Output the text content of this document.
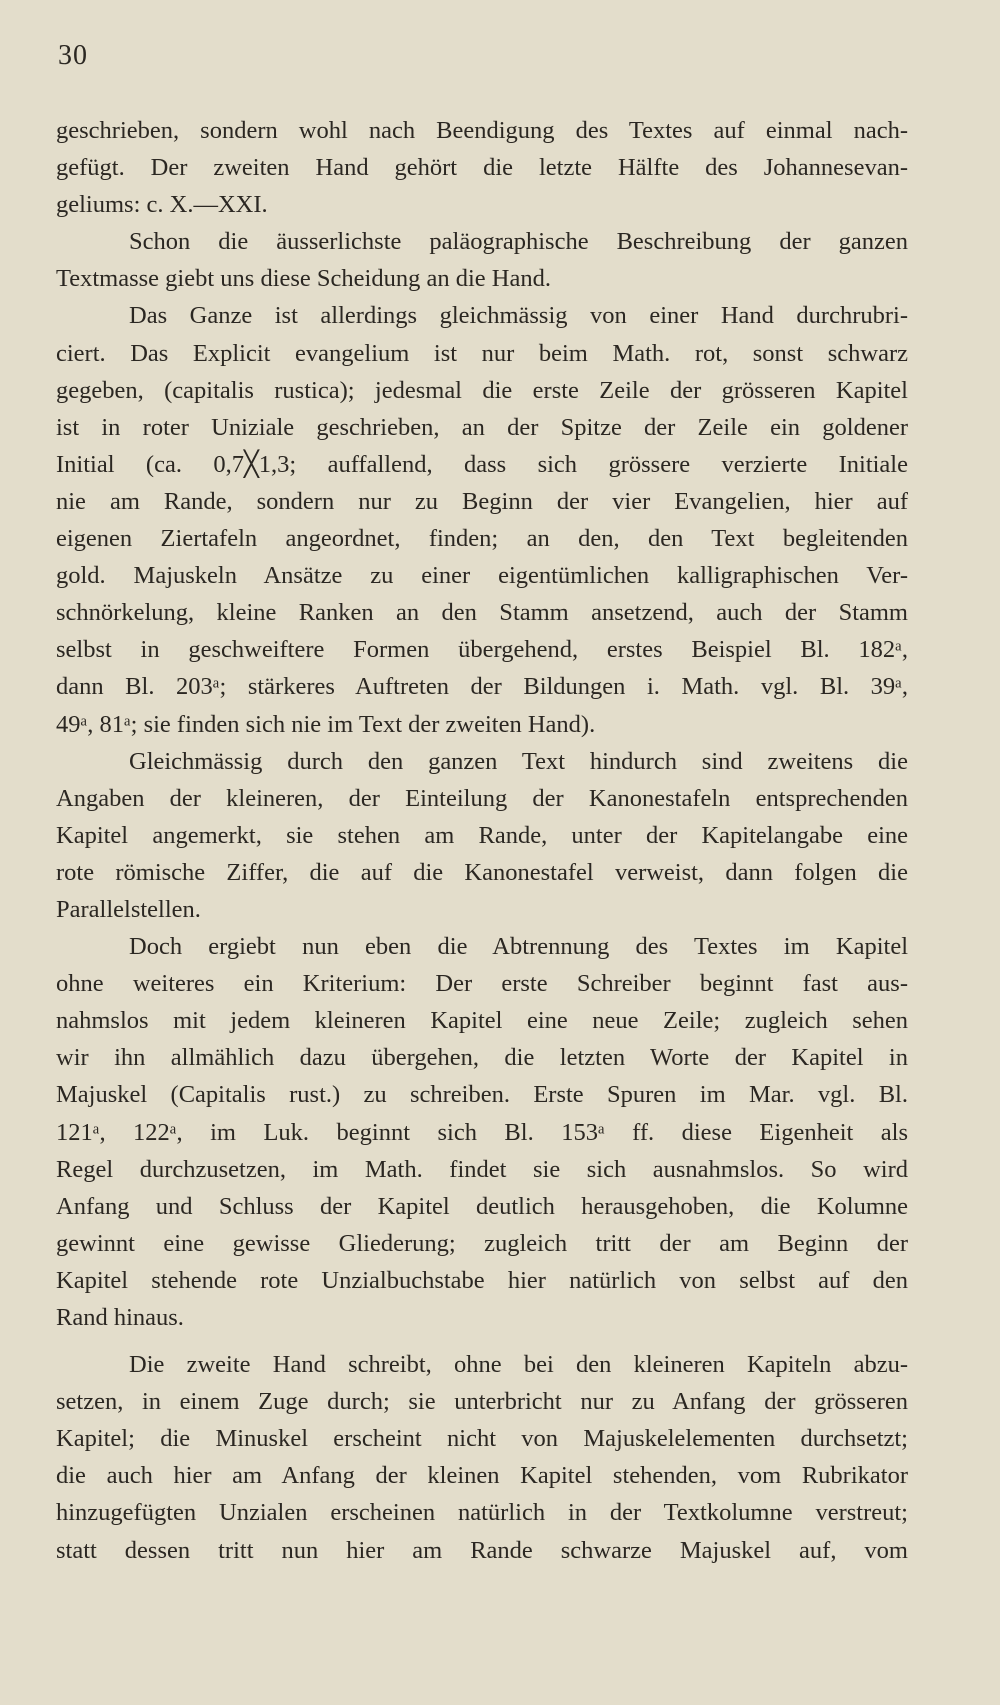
30
geschrieben, sondern wohl nach Beendigung des Textes auf einmal nach-
gefügt. Der zweiten Hand gehört die letzte Hälfte des Johannesevan-
geliums: c. X.—XXI.
Schon die äusserlichste paläographische Beschreibung der ganzen
Textmasse giebt uns diese Scheidung an die Hand.
Das Ganze ist allerdings gleichmässig von einer Hand durchrubri-
ciert. Das Explicit evangelium ist nur beim Math. rot, sonst schwarz
gegeben, (capitalis rustica); jedesmal die erste Zeile der grösseren Kapitel
ist in roter Uniziale geschrieben, an der Spitze der Zeile ein goldener
Initial (ca. 0,7╳1,3; auffallend, dass sich grössere verzierte Initiale
nie am Rande, sondern nur zu Beginn der vier Evangelien, hier auf
eigenen Ziertafeln angeordnet, finden; an den, den Text begleitenden
gold. Majuskeln Ansätze zu einer eigentümlichen kalligraphischen Ver-
schnörkelung, kleine Ranken an den Stamm ansetzend, auch der Stamm
selbst in geschweiftere Formen übergehend, erstes Beispiel Bl. 182ᵃ,
dann Bl. 203ᵃ; stärkeres Auftreten der Bildungen i. Math. vgl. Bl. 39ᵃ,
49ᵃ, 81ᵃ; sie finden sich nie im Text der zweiten Hand).
Gleichmässig durch den ganzen Text hindurch sind zweitens die
Angaben der kleineren, der Einteilung der Kanonestafeln entsprechenden
Kapitel angemerkt, sie stehen am Rande, unter der Kapitelangabe eine
rote römische Ziffer, die auf die Kanonestafel verweist, dann folgen die
Parallelstellen.
Doch ergiebt nun eben die Abtrennung des Textes im Kapitel
ohne weiteres ein Kriterium: Der erste Schreiber beginnt fast aus-
nahmslos mit jedem kleineren Kapitel eine neue Zeile; zugleich sehen
wir ihn allmählich dazu übergehen, die letzten Worte der Kapitel in
Majuskel (Capitalis rust.) zu schreiben. Erste Spuren im Mar. vgl. Bl.
121ᵃ, 122ᵃ, im Luk. beginnt sich Bl. 153ᵃ ff. diese Eigenheit als
Regel durchzusetzen, im Math. findet sie sich ausnahmslos. So wird
Anfang und Schluss der Kapitel deutlich herausgehoben, die Kolumne
gewinnt eine gewisse Gliederung; zugleich tritt der am Beginn der
Kapitel stehende rote Unzialbuchstabe hier natürlich von selbst auf den
Rand hinaus.
Die zweite Hand schreibt, ohne bei den kleineren Kapiteln abzu-
setzen, in einem Zuge durch; sie unterbricht nur zu Anfang der grösseren
Kapitel; die Minuskel erscheint nicht von Majuskelelementen durchsetzt;
die auch hier am Anfang der kleinen Kapitel stehenden, vom Rubrikator
hinzugefügten Unzialen erscheinen natürlich in der Textkolumne verstreut;
statt dessen tritt nun hier am Rande schwarze Majuskel auf, vom
